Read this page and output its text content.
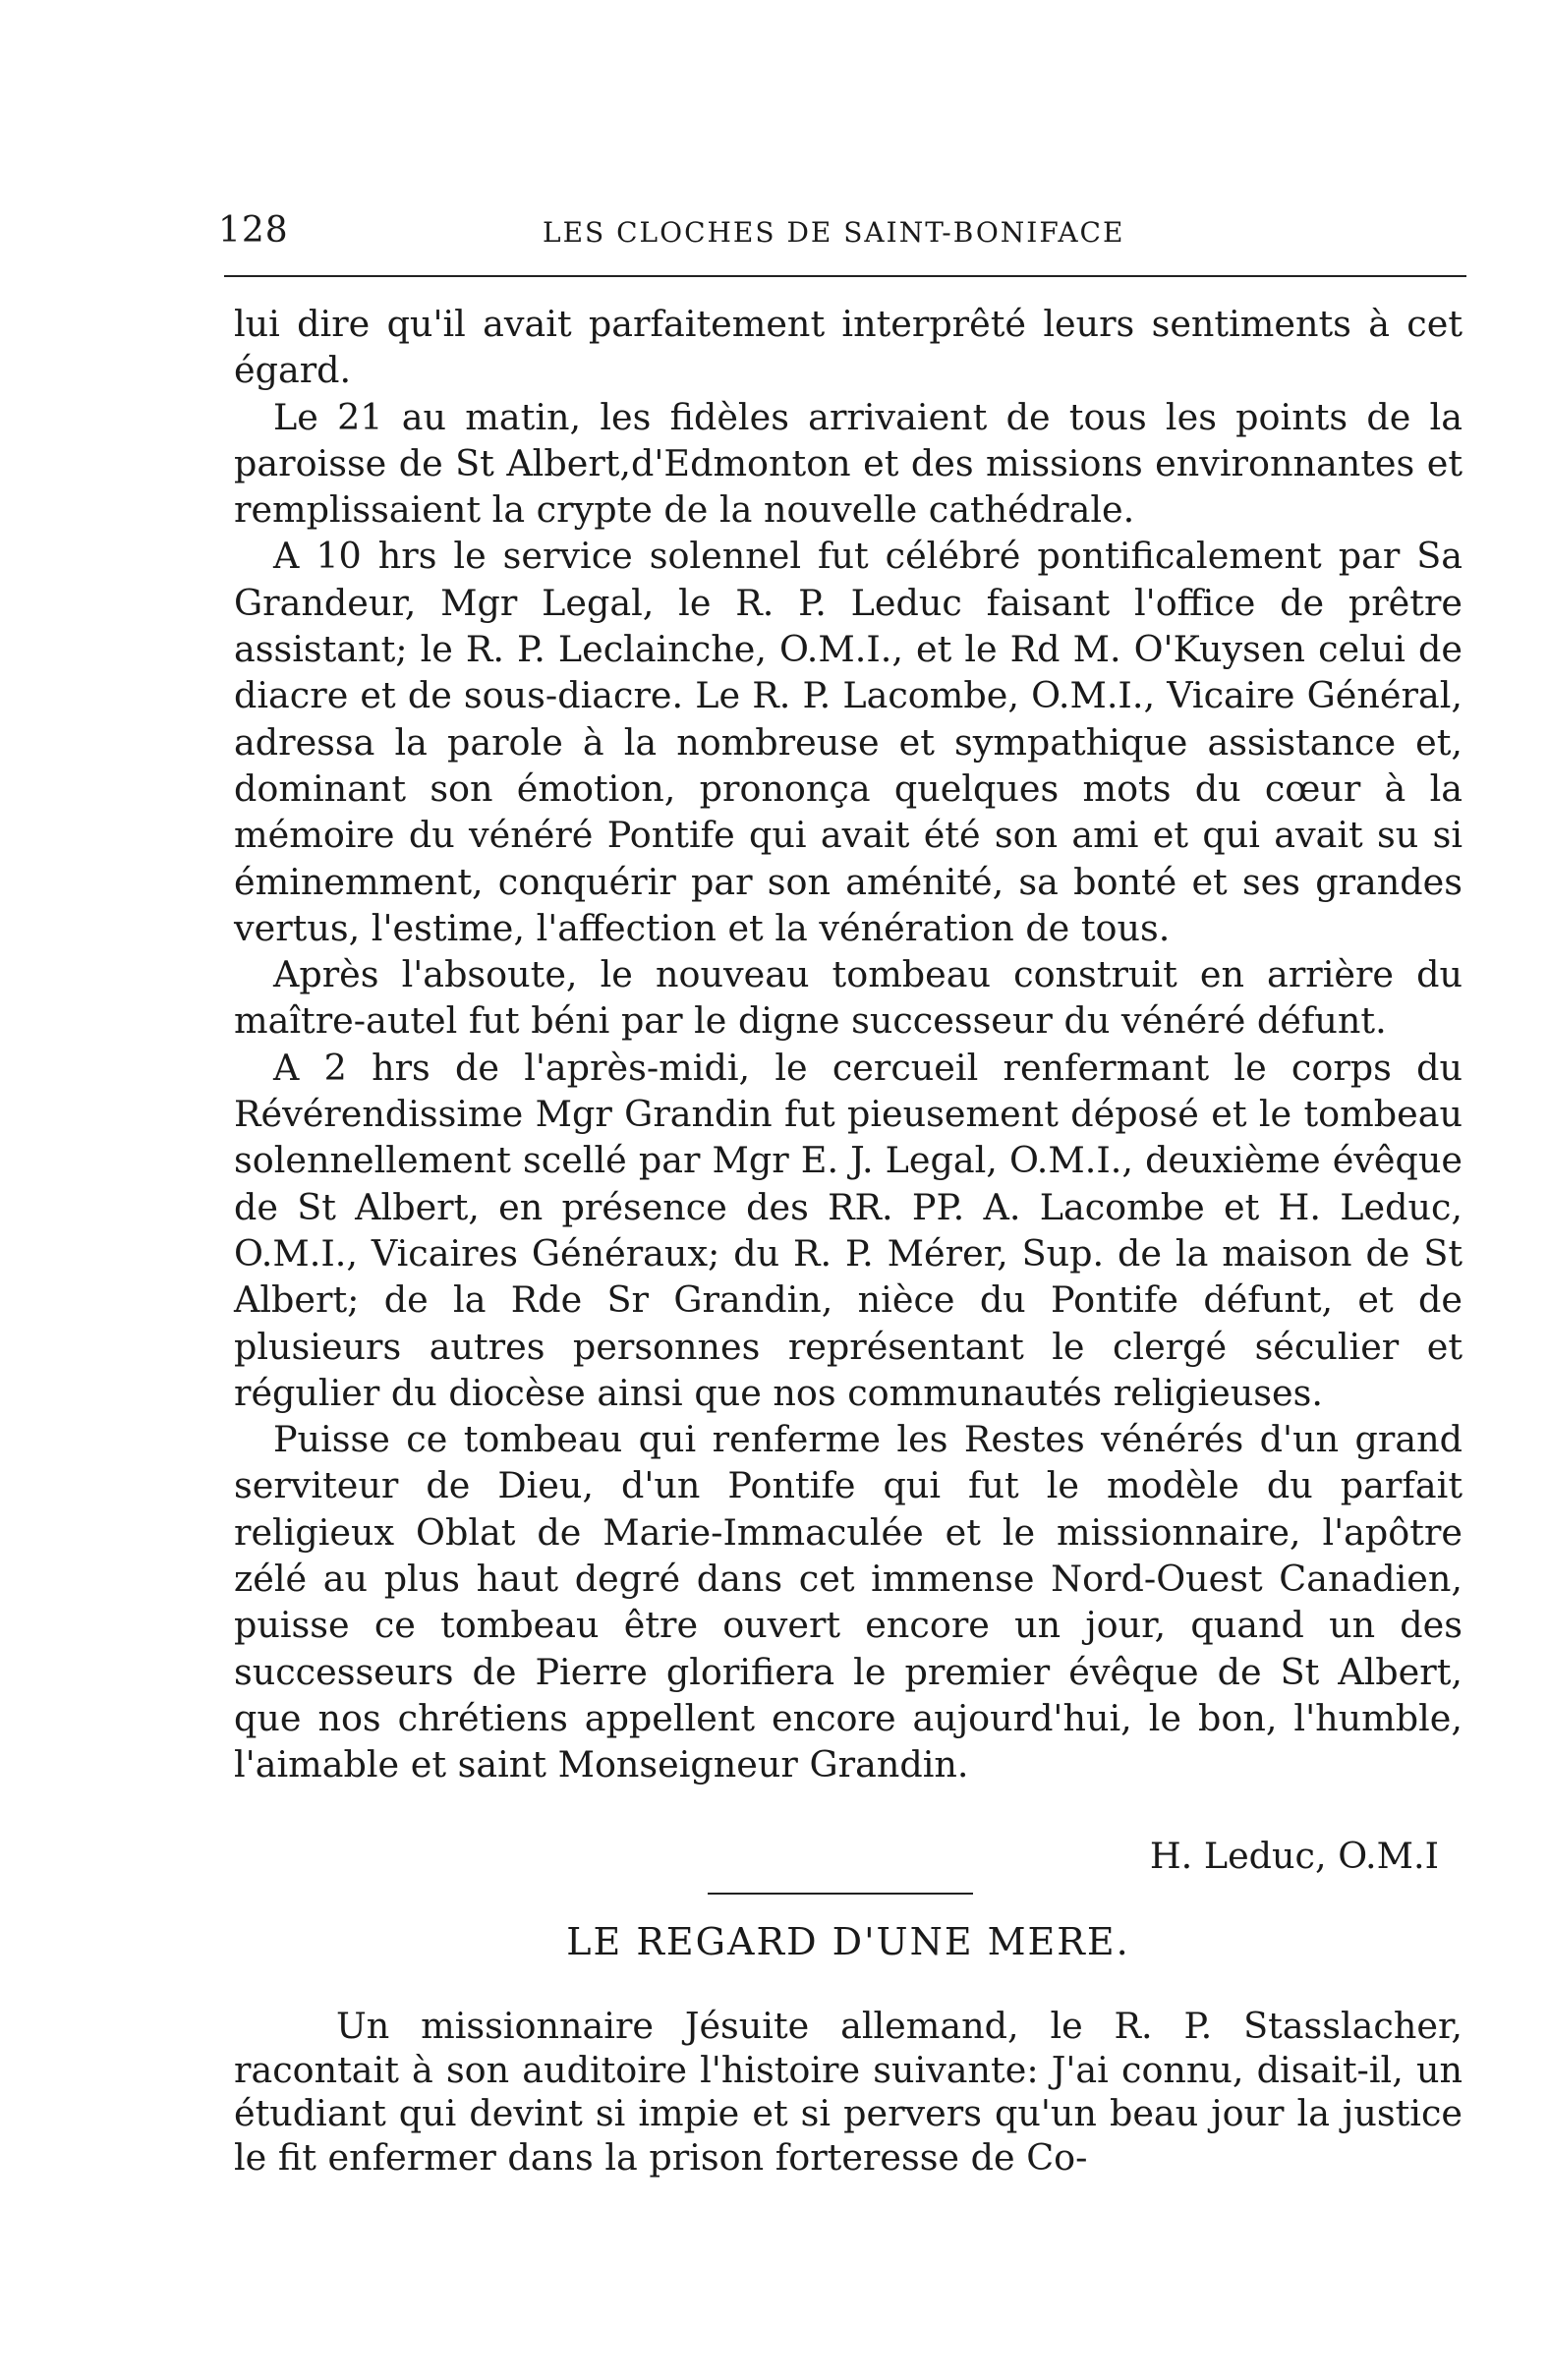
128	LES CLOCHES DE SAINT-BONIFACE

lui dire qu'il avait parfaitement interprêté leurs sentiments à cet égard.

Le 21 au matin, les fidèles arrivaient de tous les points de la paroisse de St Albert,d'Edmonton et des missions environnantes et remplissaient la crypte de la nouvelle cathédrale.

A 10 hrs le service solennel fut célébré pontificalement par Sa Grandeur, Mgr Legal, le R. P. Leduc faisant l'office de prêtre assistant; le R. P. Leclainche, O.M.I., et le Rd M. O'Kuysen celui de diacre et de sous-diacre. Le R. P. Lacombe, O.M.I., Vicaire Général, adressa la parole à la nombreuse et sympathique assistance et, dominant son émotion, prononça quelques mots du cœur à la mémoire du vénéré Pontife qui avait été son ami et qui avait su si éminemment, conquérir par son aménité, sa bonté et ses grandes vertus, l'estime, l'affection et la vénération de tous.

Après l'absoute, le nouveau tombeau construit en arrière du maître-autel fut béni par le digne successeur du vénéré défunt.

A 2 hrs de l'après-midi, le cercueil renfermant le corps du Révérendissime Mgr Grandin fut pieusement déposé et le tombeau solennellement scellé par Mgr E. J. Legal, O.M.I., deuxième évêque de St Albert, en présence des RR. PP. A. Lacombe et H. Leduc, O.M.I., Vicaires Généraux; du R. P. Mérer, Sup. de la maison de St Albert; de la Rde Sr Grandin, nièce du Pontife défunt, et de plusieurs autres personnes représentant le clergé séculier et régulier du diocèse ainsi que nos communautés religieuses.

Puisse ce tombeau qui renferme les Restes vénérés d'un grand serviteur de Dieu, d'un Pontife qui fut le modèle du parfait religieux Oblat de Marie-Immaculée et le missionnaire, l'apôtre zélé au plus haut degré dans cet immense Nord-Ouest Canadien, puisse ce tombeau être ouvert encore un jour, quand un des successeurs de Pierre glorifiera le premier évêque de St Albert, que nos chrétiens appellent encore aujourd'hui, le bon, l'humble, l'aimable et saint Monseigneur Grandin.

H. Leduc, O.M.I
LE REGARD D'UNE MERE.

Un missionnaire Jésuite allemand, le R. P. Stasslacher, racontait à son auditoire l'histoire suivante: J'ai connu, disait-il, un étudiant qui devint si impie et si pervers qu'un beau jour la justice le fit enfermer dans la prison forteresse de Co-
